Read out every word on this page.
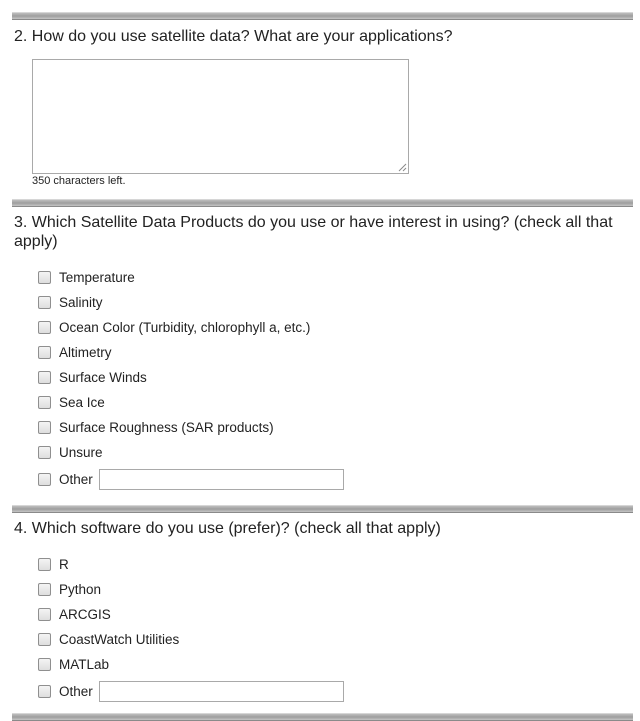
2. How do you use satellite data? What are your applications?
350 characters left.
3. Which Satellite Data Products do you use or have interest in using? (check all that apply)
Temperature
Salinity
Ocean Color (Turbidity, chlorophyll a, etc.)
Altimetry
Surface Winds
Sea Ice
Surface Roughness (SAR products)
Unsure
Other
4. Which software do you use (prefer)? (check all that apply)
R
Python
ARCGIS
CoastWatch Utilities
MATLab
Other
